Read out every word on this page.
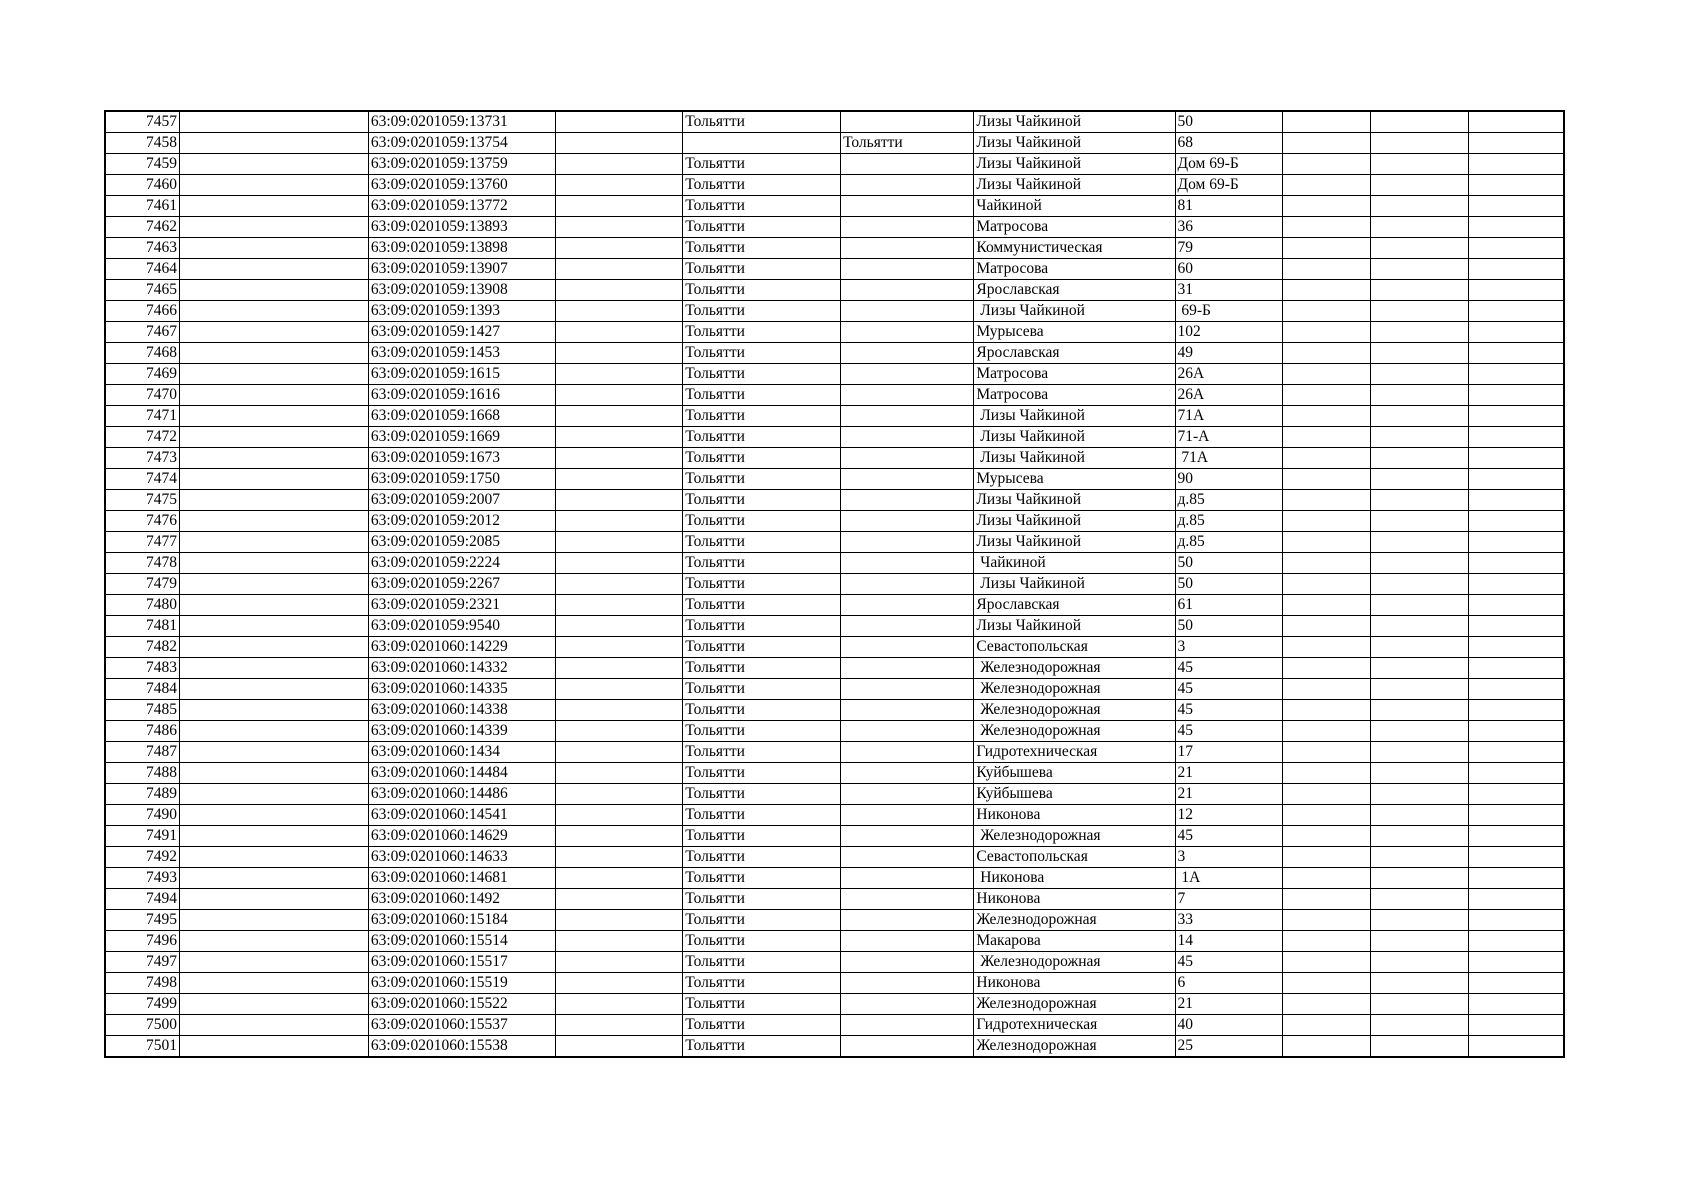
7457		63:09:0201059:13731		Тольятти		Лизы Чайкиной	50			
7458		63:09:0201059:13754			Тольятти	Лизы Чайкиной	68			
7459		63:09:0201059:13759		Тольятти		Лизы Чайкиной	Дом 69-Б			
7460		63:09:0201059:13760		Тольятти		Лизы Чайкиной	Дом 69-Б			
7461		63:09:0201059:13772		Тольятти		Чайкиной	81			
7462		63:09:0201059:13893		Тольятти		Матросова	36			
7463		63:09:0201059:13898		Тольятти		Коммунистическая	79			
7464		63:09:0201059:13907		Тольятти		Матросова	60			
7465		63:09:0201059:13908		Тольятти		Ярославская	31			
7466		63:09:0201059:1393		Тольятти		Лизы Чайкиной	69-Б			
7467		63:09:0201059:1427		Тольятти		Мурысева	102			
7468		63:09:0201059:1453		Тольятти		Ярославская	49			
7469		63:09:0201059:1615		Тольятти		Матросова	26А			
7470		63:09:0201059:1616		Тольятти		Матросова	26А			
7471		63:09:0201059:1668		Тольятти		Лизы Чайкиной	71А			
7472		63:09:0201059:1669		Тольятти		Лизы Чайкиной	71-А			
7473		63:09:0201059:1673		Тольятти		Лизы Чайкиной	71А			
7474		63:09:0201059:1750		Тольятти		Мурысева	90			
7475		63:09:0201059:2007		Тольятти		Лизы Чайкиной	д.85			
7476		63:09:0201059:2012		Тольятти		Лизы Чайкиной	д.85			
7477		63:09:0201059:2085		Тольятти		Лизы Чайкиной	д.85			
7478		63:09:0201059:2224		Тольятти		Чайкиной	50			
7479		63:09:0201059:2267		Тольятти		Лизы Чайкиной	50			
7480		63:09:0201059:2321		Тольятти		Ярославская	61			
7481		63:09:0201059:9540		Тольятти		Лизы Чайкиной	50			
7482		63:09:0201060:14229		Тольятти		Севастопольская	3			
7483		63:09:0201060:14332		Тольятти		Железнодорожная	45			
7484		63:09:0201060:14335		Тольятти		Железнодорожная	45			
7485		63:09:0201060:14338		Тольятти		Железнодорожная	45			
7486		63:09:0201060:14339		Тольятти		Железнодорожная	45			
7487		63:09:0201060:1434		Тольятти		Гидротехническая	17			
7488		63:09:0201060:14484		Тольятти		Куйбышева	21			
7489		63:09:0201060:14486		Тольятти		Куйбышева	21			
7490		63:09:0201060:14541		Тольятти		Никонова	12			
7491		63:09:0201060:14629		Тольятти		Железнодорожная	45			
7492		63:09:0201060:14633		Тольятти		Севастопольская	3			
7493		63:09:0201060:14681		Тольятти		Никонова	1А			
7494		63:09:0201060:1492		Тольятти		Никонова	7			
7495		63:09:0201060:15184		Тольятти		Железнодорожная	33			
7496		63:09:0201060:15514		Тольятти		Макарова	14			
7497		63:09:0201060:15517		Тольятти		Железнодорожная	45			
7498		63:09:0201060:15519		Тольятти		Никонова	6			
7499		63:09:0201060:15522		Тольятти		Железнодорожная	21			
7500		63:09:0201060:15537		Тольятти		Гидротехническая	40			
7501		63:09:0201060:15538		Тольятти		Железнодорожная	25			
